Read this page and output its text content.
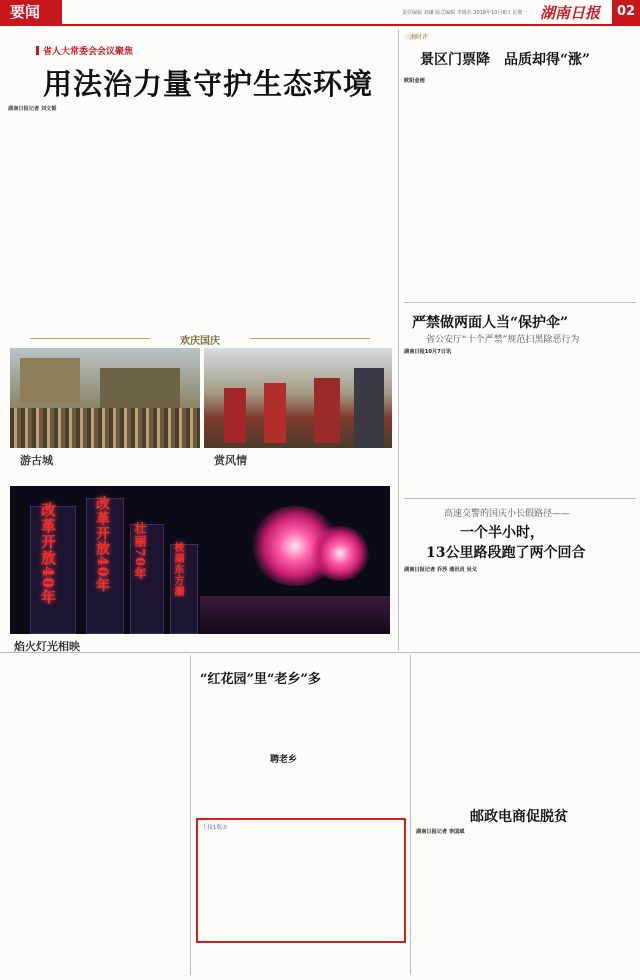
要闻	责任编辑 刘谦 版式编辑 李姝名 2018年10月8日 星期一 湖南日报	02
省人大常委会会议聚焦
用法治力量守护生态环境
湖南日报记者 刘文韬
欢庆国庆
游古城	赏风情
改革开放40年	改革开放40年 壮丽70年	枝湖东方潮
焰火灯光相映
三湘时评
景区门票降　品质却得“涨”
欧阳金雨
严禁做两面人当“保护伞”
省公安厅“十个严禁”规范扫黑除恶行为
湖南日报10月7日讯
高速交警的国庆小长假路径——
一个半小时，
13公里路段跑了两个回合
湖南日报记者 乔莎 通讯员 吴戈
邮政电商促脱贫
湖南日报记者 李国斌
“红花园”里“老乡”多
聘老乡
上接1版③
